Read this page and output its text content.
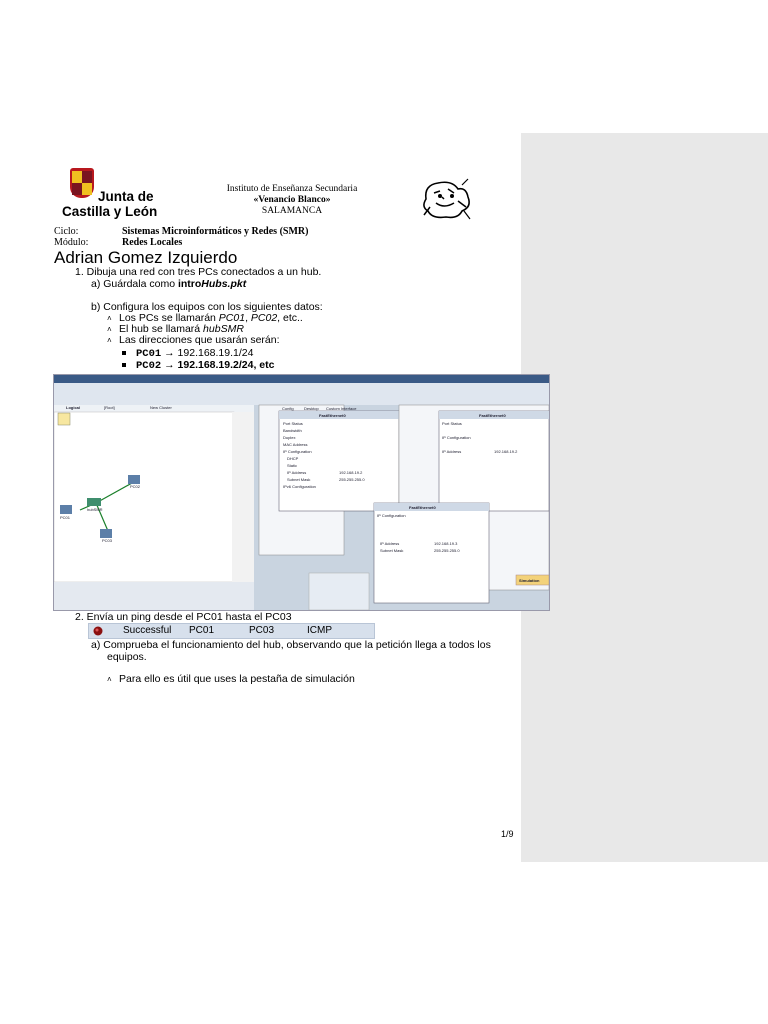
Junta de
Castilla y León
Instituto de Enseñanza Secundaria
«Venancio Blanco»
SALAMANCA
Ciclo:	Sistemas Microinformáticos y Redes (SMR)
Módulo:	Redes Locales
Adrian Gomez Izquierdo
1. Dibuja una red con tres PCs conectados a un hub.
a) Guárdala como introHubs.pkt
b) Configura los equipos con los siguientes datos:
˄ Los PCs se llamarán PC01, PC02, etc..
˄ El hub se llamará hubSMR
˄ Las direcciones que usarán serán:
PC01 → 192.168.19.1/24
PC02 → 192.168.19.2/24, etc
Logical	[Root]	New Cluster
PC01
hubSMR
PC02
PC03
Config	Desktop Custom Interface
FastEthernet0
Port Status
Bandwidth
Duplex
MAC Address
IP Configuration
DHCP
Static
IP Address	192.168.19.2
Subnet Mask	255.255.255.0
IPv6 Configuration
FastEthernet0
Port Status
IP Configuration
IP Address	192.168.19.2
FastEthernet0
IP Configuration
IP Address	192.168.19.3
Subnet Mask	255.255.255.0
Simulation
2. Envía un ping desde el PC01 hasta el PC03
Successful PC01	PC03	ICMP
a) Comprueba el funcionamiento del hub, observando que la petición llega a todos los
equipos.
˄ Para ello es útil que uses la pestaña de simulación
1/9
